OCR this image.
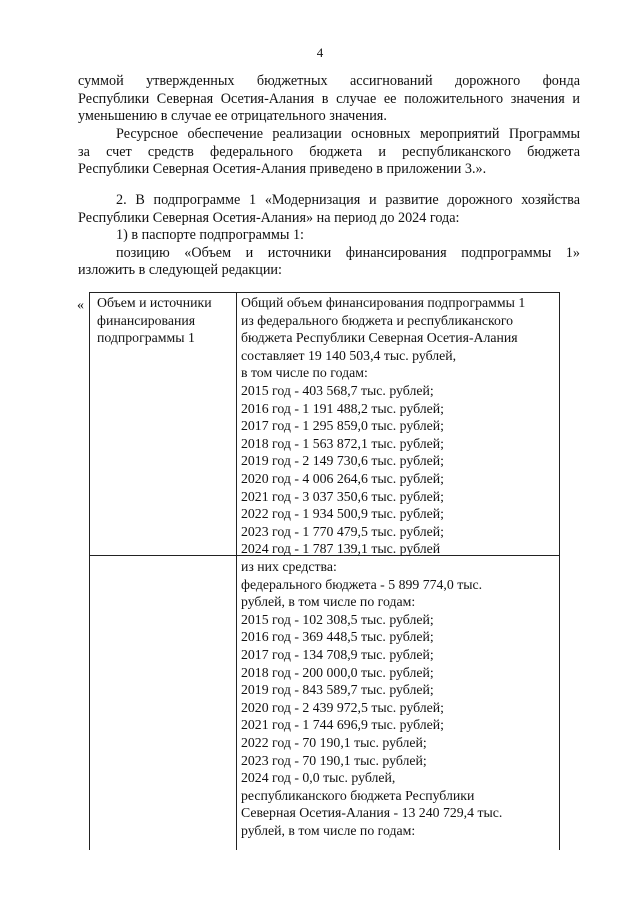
4
суммой утвержденных бюджетных ассигнований дорожного фонда
Республики Северная Осетия-Алания в случае ее положительного значения и
уменьшению в случае ее отрицательного значения.
Ресурсное обеспечение реализации основных мероприятий Программы
за счет средств федерального бюджета и республиканского бюджета
Республики Северная Осетия-Алания приведено в приложении 3.».
2. В подпрограмме 1 «Модернизация и развитие дорожного хозяйства
Республики Северная Осетия-Алания» на период до 2024 года:
1) в паспорте подпрограммы 1:
позицию «Объем и источники финансирования подпрограммы 1»
изложить в следующей редакции:
« Объем и источники
финансирования
подпрограммы 1
Общий объем финансирования подпрограммы 1
из федерального бюджета и республиканского
бюджета Республики Северная Осетия-Алания
составляет 19 140 503,4 тыс. рублей,
в том числе по годам:
2015 год - 403 568,7 тыс. рублей;
2016 год - 1 191 488,2 тыс. рублей;
2017 год - 1 295 859,0 тыс. рублей;
2018 год - 1 563 872,1 тыс. рублей;
2019 год - 2 149 730,6 тыс. рублей;
2020 год - 4 006 264,6 тыс. рублей;
2021 год - 3 037 350,6 тыс. рублей;
2022 год - 1 934 500,9 тыс. рублей;
2023 год - 1 770 479,5 тыс. рублей;
2024 год - 1 787 139,1 тыс. рублей
из них средства:
федерального бюджета - 5 899 774,0 тыс.
рублей, в том числе по годам:
2015 год - 102 308,5 тыс. рублей;
2016 год - 369 448,5 тыс. рублей;
2017 год - 134 708,9 тыс. рублей;
2018 год - 200 000,0 тыс. рублей;
2019 год - 843 589,7 тыс. рублей;
2020 год - 2 439 972,5 тыс. рублей;
2021 год - 1 744 696,9 тыс. рублей;
2022 год - 70 190,1 тыс. рублей;
2023 год - 70 190,1 тыс. рублей;
2024 год - 0,0 тыс. рублей,
республиканского бюджета Республики
Северная Осетия-Алания - 13 240 729,4 тыс.
рублей, в том числе по годам:
